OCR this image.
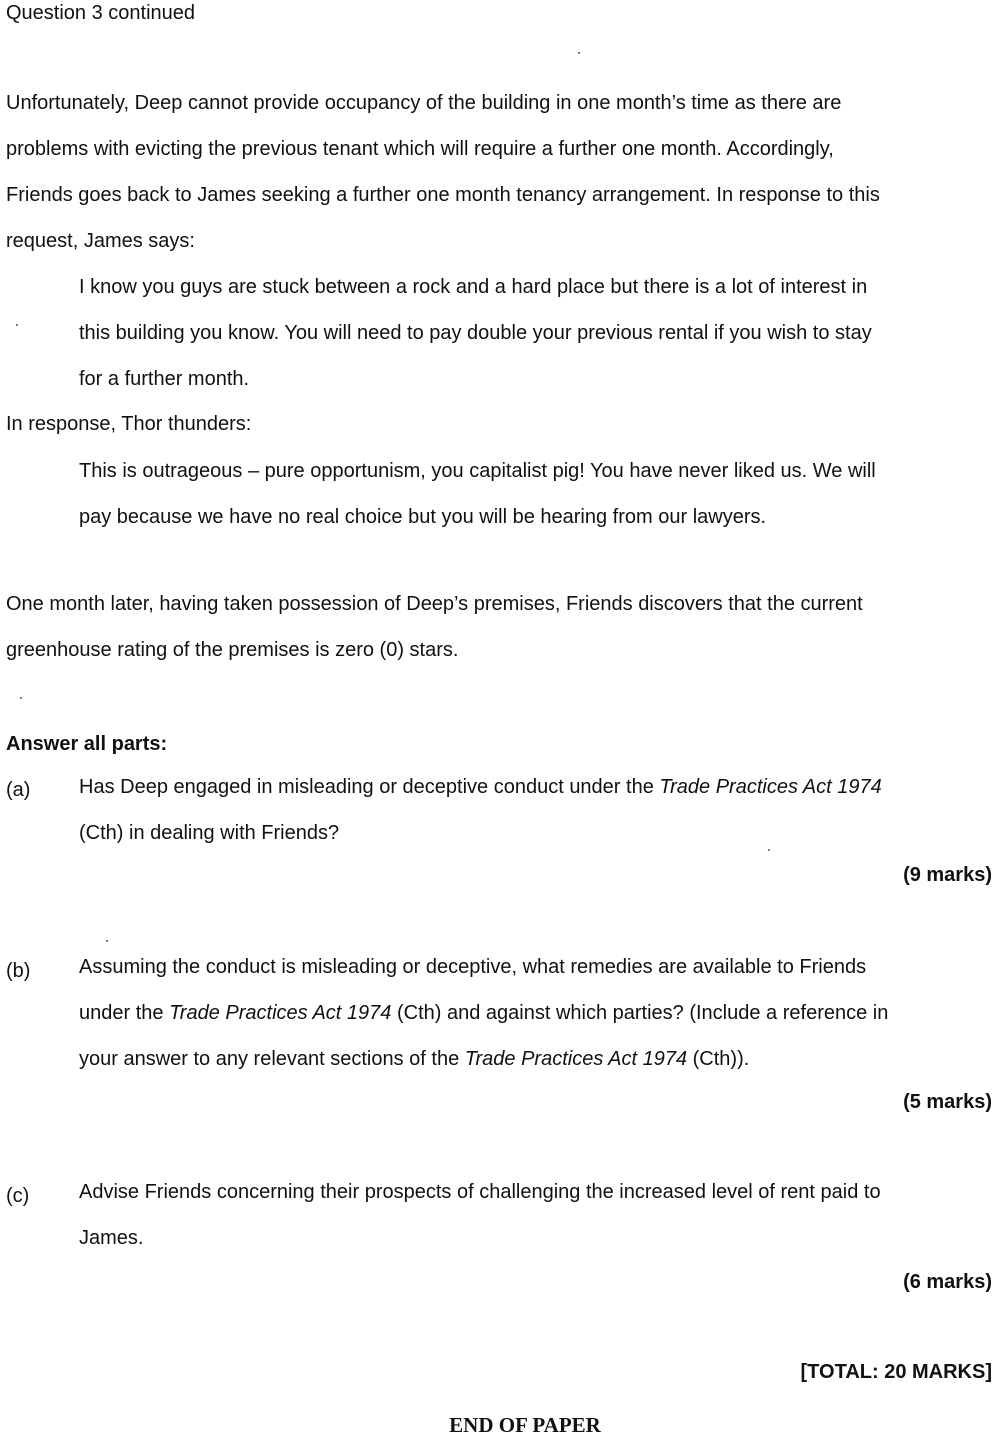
Question 3 continued
Unfortunately, Deep cannot provide occupancy of the building in one month’s time as there are
problems with evicting the previous tenant which will require a further one month. Accordingly,
Friends goes back to James seeking a further one month tenancy arrangement. In response to this
request, James says:
I know you guys are stuck between a rock and a hard place but there is a lot of interest in
this building you know. You will need to pay double your previous rental if you wish to stay
for a further month.
In response, Thor thunders:
This is outrageous – pure opportunism, you capitalist pig! You have never liked us. We will
pay because we have no real choice but you will be hearing from our lawyers.
One month later, having taken possession of Deep’s premises, Friends discovers that the current
greenhouse rating of the premises is zero (0) stars.
Answer all parts:
(a) Has Deep engaged in misleading or deceptive conduct under the Trade Practices Act 1974
(Cth) in dealing with Friends?
(9 marks)
(b) Assuming the conduct is misleading or deceptive, what remedies are available to Friends
under the Trade Practices Act 1974 (Cth) and against which parties? (Include a reference in
your answer to any relevant sections of the Trade Practices Act 1974 (Cth)).
(5 marks)
(c) Advise Friends concerning their prospects of challenging the increased level of rent paid to
James.
(6 marks)
[TOTAL: 20 MARKS]
END OF PAPER
